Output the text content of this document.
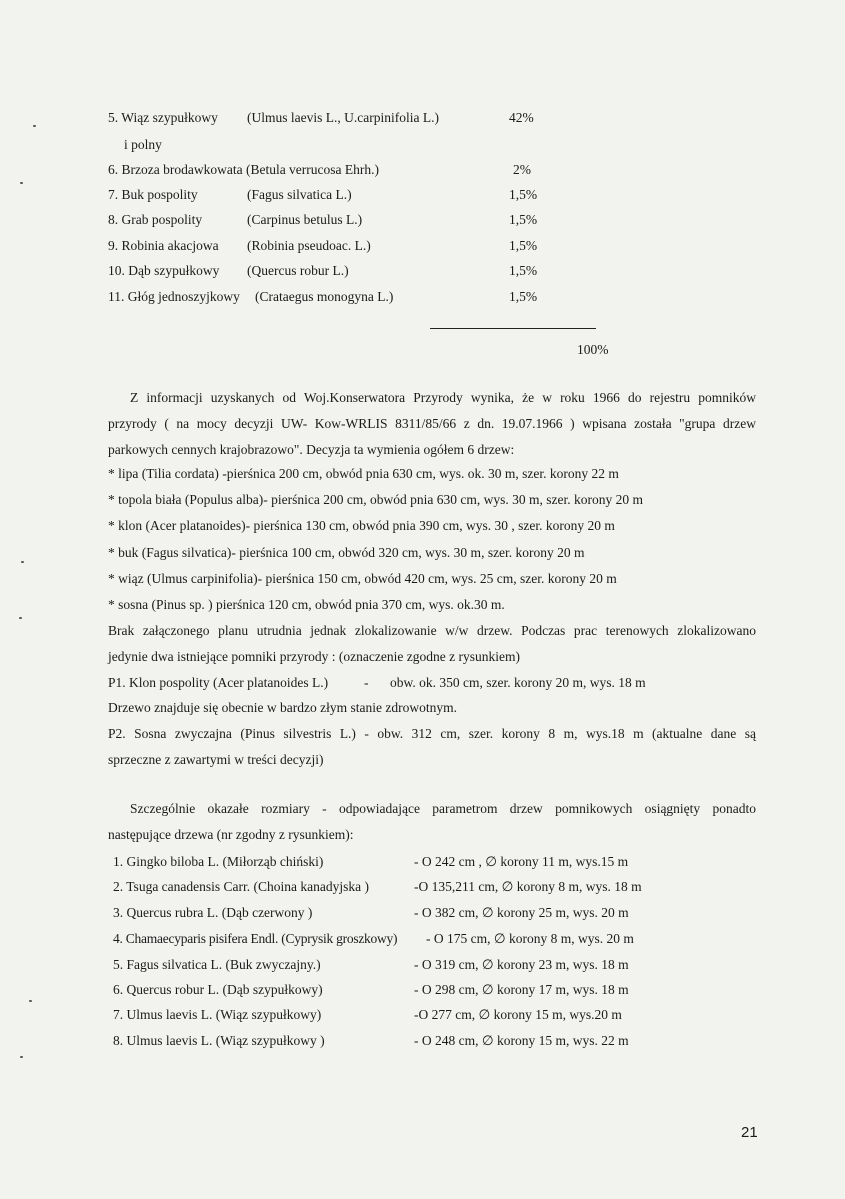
5. Wiąz szypułkowy (Ulmus laevis L., U.carpinifolia L.)	42%
i polny
6. Brzoza brodawkowata (Betula verrucosa Ehrh.)	2%
7. Buk pospolity	(Fagus silvatica L.)	1,5%
8. Grab pospolity	(Carpinus betulus L.)	1,5%
9. Robinia akacjowa (Robinia pseudoac. L.)	1,5%
10. Dąb szypułkowy (Quercus robur L.)	1,5%
11. Głóg jednoszyjkowy (Crataegus monogyna L.)	1,5%
100%
Z informacji uzyskanych od Woj.Konserwatora Przyrody wynika, że w roku 1966 do rejestru pomników
przyrody ( na mocy decyzji UW- Kow-WRLIS 8311/85/66 z dn. 19.07.1966 ) wpisana została "grupa drzew
parkowych cennych krajobrazowo". Decyzja ta wymienia ogółem 6 drzew:
* lipa (Tilia cordata) -pierśnica 200 cm, obwód pnia 630 cm, wys. ok. 30 m, szer. korony 22 m
* topola biała (Populus alba)- pierśnica 200 cm, obwód pnia 630 cm, wys. 30 m, szer. korony 20 m
* klon (Acer platanoides)- pierśnica 130 cm, obwód pnia 390 cm, wys. 30 , szer. korony 20 m
* buk (Fagus silvatica)- pierśnica 100 cm, obwód 320 cm, wys. 30 m, szer. korony 20 m
* wiąz (Ulmus carpinifolia)- pierśnica 150 cm, obwód 420 cm, wys. 25 cm, szer. korony 20 m
* sosna (Pinus sp. ) pierśnica 120 cm, obwód pnia 370 cm, wys. ok.30 m.
Brak załączonego planu utrudnia jednak zlokalizowanie w/w drzew. Podczas prac terenowych zlokalizowano
jedynie dwa istniejące pomniki przyrody : (oznaczenie zgodne z rysunkiem)
P1. Klon pospolity (Acer platanoides L.)	- obw. ok. 350 cm, szer. korony 20 m, wys. 18 m
Drzewo znajduje się obecnie w bardzo złym stanie zdrowotnym.
P2. Sosna zwyczajna (Pinus silvestris L.) - obw. 312 cm, szer. korony 8 m, wys.18 m (aktualne dane są
sprzeczne z zawartymi w treści decyzji)
Szczególnie okazałe rozmiary - odpowiadające parametrom drzew pomnikowych osiągnięty ponadto
następujące drzewa (nr zgodny z rysunkiem):
1. Gingko biloba L. (Miłorząb chiński)	- O 242 cm , ∅ korony 11 m, wys.15 m
2. Tsuga canadensis Carr. (Choina kanadyjska )	-O 135,211 cm, ∅ korony 8 m, wys. 18 m
3. Quercus rubra L. (Dąb czerwony )	- O 382 cm, ∅ korony 25 m, wys. 20 m
4. Chamaecyparis pisifera Endl. (Cyprysik groszkowy) - O 175 cm, ∅ korony 8 m, wys. 20 m
5. Fagus silvatica L. (Buk zwyczajny.)	- O 319 cm, ∅ korony 23 m, wys. 18 m
6. Quercus robur L. (Dąb szypułkowy)	- O 298 cm, ∅ korony 17 m, wys. 18 m
7. Ulmus laevis L. (Wiąz szypułkowy)	-O 277 cm, ∅ korony 15 m, wys.20 m
8. Ulmus laevis L. (Wiąz szypułkowy )	- O 248 cm, ∅ korony 15 m, wys. 22 m
21
